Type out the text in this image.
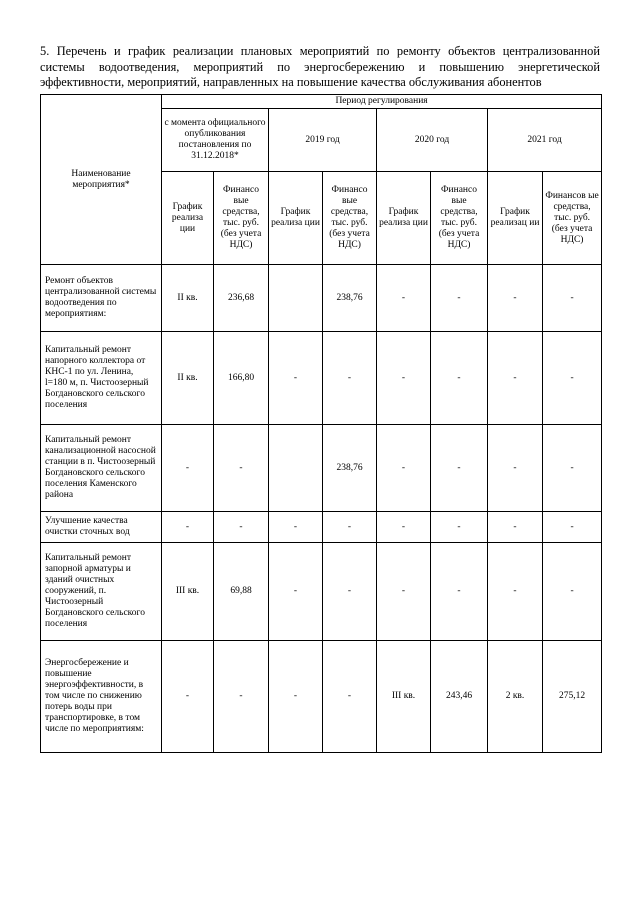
5. Перечень и график реализации плановых мероприятий по ремонту объектов централизованной системы водоотведения, мероприятий по энергосбережению и повышению энергетической эффективности, мероприятий, направленных на повышение качества обслуживания абонентов
Наименование мероприятия*	Период регулирования							
	с момента официального опубликования постановления по 31.12.2018*		2019 год		2020 год		2021 год	
	График реализа ции	Финансо вые средства, тыс. руб. (без учета НДС)	График реализа ции	Финансо вые средства, тыс. руб. (без учета НДС)	График реализа ции	Финансо вые средства, тыс. руб. (без учета НДС)	График реализац ии	Финансов ые средства, тыс. руб. (без учета НДС)
Ремонт объектов централизованной системы водоотведения по мероприятиям:	II кв.	236,68		238,76	-	-	-	-
Капитальный ремонт напорного коллектора от КНС-1 по ул. Ленина, l=180 м, п. Чистоозерный Богдановского сельского поселения	II кв.	166,80	-	-	-	-	-	-
Капитальный ремонт канализационной насосной станции в п. Чистоозерный Богдановского сельского поселения Каменского района	-	-		238,76	-	-	-	-
Улучшение качества очистки сточных вод	-	-	-	-	-	-	-	-
Капитальный ремонт запорной арматуры и зданий очистных сооружений, п. Чистоозерный Богдановского сельского поселения	III кв.	69,88	-	-	-	-	-	-
Энергосбережение и повышение энергоэффективности, в том числе по снижению потерь воды при транспортировке, в том числе по мероприятиям:	-	-	-	-	III кв.	243,46	2 кв.	275,12
